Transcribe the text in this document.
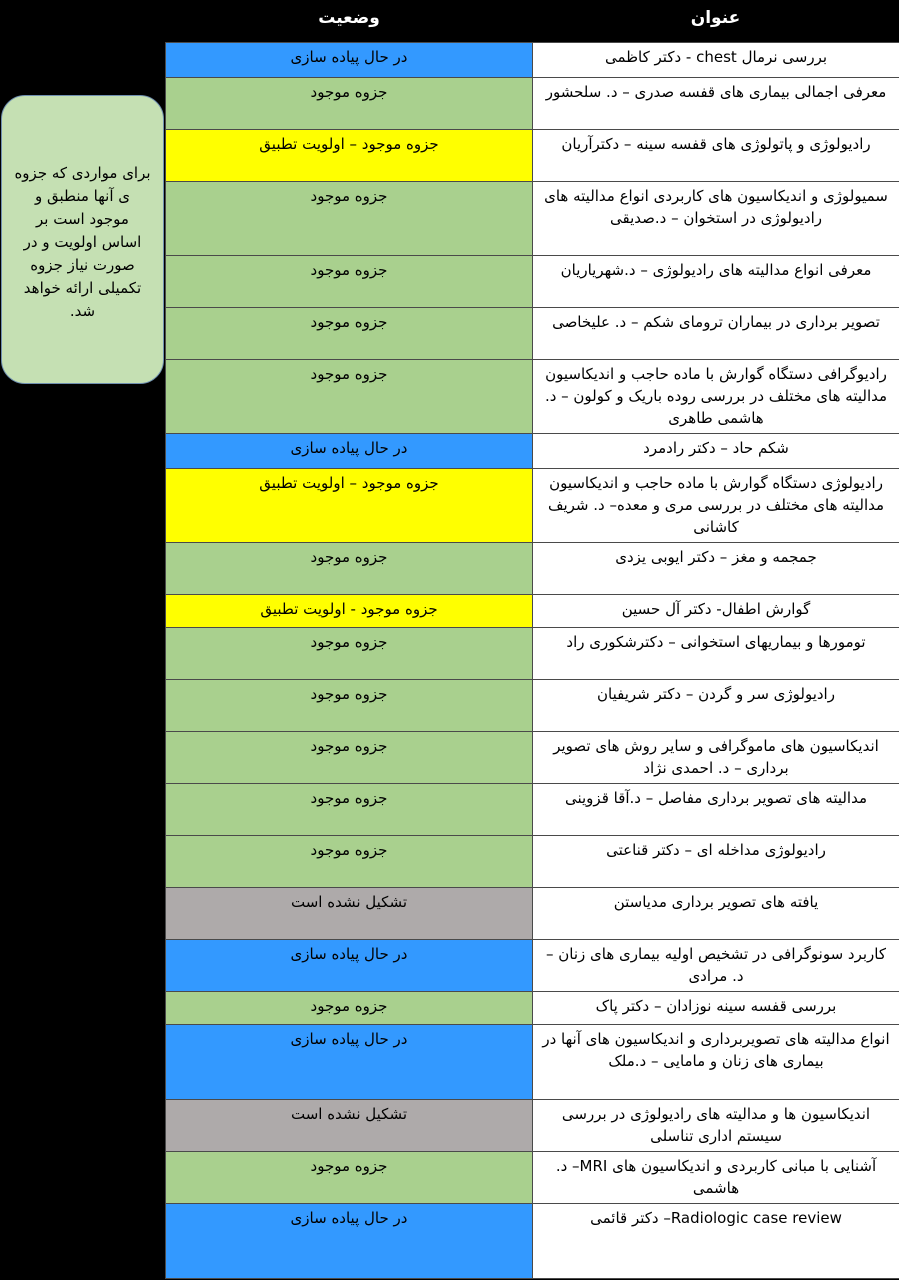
وضعیت	عنوان
برای مواردی که جزوه ی آنها منطبق و موجود است بر اساس اولویت و در صورت نیاز جزوه تکمیلی ارائه خواهد شد.
در حال پیاده سازی	بررسی نرمال chest - دکتر کاظمی
جزوه موجود	معرفی اجمالی بیماری های قفسه صدری – د. سلحشور
جزوه موجود – اولویت تطبیق	رادیولوژی و پاتولوژی های قفسه سینه – دکترآریان
جزوه موجود	سمیولوژی و اندیکاسیون های کاربردی انواع مدالیته های رادیولوژی در استخوان – د.صدیقی
جزوه موجود	معرفی انواع مدالیته های رادیولوژی – د.شهریاریان
جزوه موجود	تصویر برداری در بیماران ترومای شکم – د. علیخاصی
جزوه موجود	رادیوگرافی دستگاه گوارش با ماده حاجب و اندیکاسیون مدالیته های مختلف در بررسی روده باریک و کولون – د. هاشمی طاهری
در حال پیاده سازی	شکم حاد – دکتر رادمرد
جزوه موجود – اولویت تطبیق	رادیولوژی دستگاه گوارش با ماده حاجب و اندیکاسیون مدالیته های مختلف در بررسی مری و معده– د. شریف کاشانی
جزوه موجود	جمجمه و مغز – دکتر ایوبی یزدی
جزوه موجود - اولویت تطبیق	گوارش اطفال- دکتر آل حسین
جزوه موجود	تومورها و بیماریهای استخوانی – دکترشکوری راد
جزوه موجود	رادیولوژی سر و گردن – دکتر شریفیان
جزوه موجود	اندیکاسیون های ماموگرافی و سایر روش های تصویر برداری – د. احمدی نژاد
جزوه موجود	مدالیته های تصویر برداری مفاصل – د.آقا قزوینی
جزوه موجود	رادیولوژی مداخله ای – دکتر قناعتی
تشکیل نشده است	یافته های تصویر برداری مدیاستن
در حال پیاده سازی	کاربرد سونوگرافی در تشخیص اولیه بیماری های زنان – د. مرادی
جزوه موجود	بررسی قفسه سینه نوزادان – دکتر پاک
در حال پیاده سازی	انواع مدالیته های تصویربرداری و اندیکاسیون های آنها در بیماری های زنان و مامایی – د.ملک
تشکیل نشده است	اندیکاسیون ها و مدالیته های رادیولوژی در بررسی سیستم اداری تناسلی
جزوه موجود	آشنایی با مبانی کاربردی و اندیکاسیون های MRI– د. هاشمی
در حال پیاده سازی	Radiologic case review– دکتر قائمی
